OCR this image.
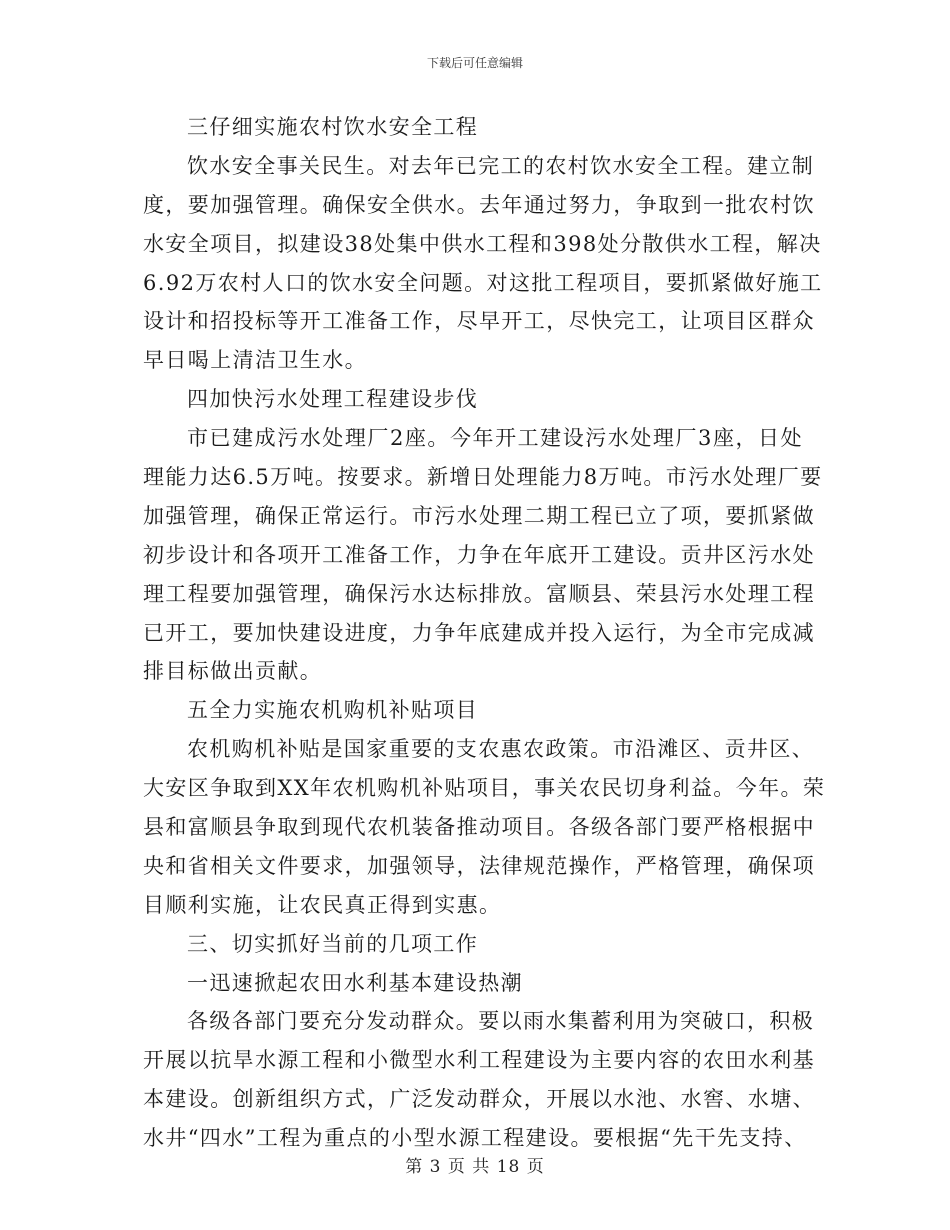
下载后可任意编辑
三仔细实施农村饮水安全工程
饮水安全事关民生。对去年已完工的农村饮水安全工程。建立制
度，要加强管理。确保安全供水。去年通过努力，争取到一批农村饮
水安全项目，拟建设38处集中供水工程和398处分散供水工程，解决
6.92万农村人口的饮水安全问题。对这批工程项目，要抓紧做好施工
设计和招投标等开工准备工作，尽早开工，尽快完工，让项目区群众
早日喝上清洁卫生水。
四加快污水处理工程建设步伐
市已建成污水处理厂2座。今年开工建设污水处理厂3座，日处
理能力达6.5万吨。按要求。新增日处理能力8万吨。市污水处理厂要
加强管理，确保正常运行。市污水处理二期工程已立了项，要抓紧做
初步设计和各项开工准备工作，力争在年底开工建设。贡井区污水处
理工程要加强管理，确保污水达标排放。富顺县、荣县污水处理工程
已开工，要加快建设进度，力争年底建成并投入运行，为全市完成减
排目标做出贡献。
五全力实施农机购机补贴项目
农机购机补贴是国家重要的支农惠农政策。市沿滩区、贡井区、
大安区争取到XX年农机购机补贴项目，事关农民切身利益。今年。荣
县和富顺县争取到现代农机装备推动项目。各级各部门要严格根据中
央和省相关文件要求，加强领导，法律规范操作，严格管理，确保项
目顺利实施，让农民真正得到实惠。
三、切实抓好当前的几项工作
一迅速掀起农田水利基本建设热潮
各级各部门要充分发动群众。要以雨水集蓄利用为突破口，积极
开展以抗旱水源工程和小微型水利工程建设为主要内容的农田水利基
本建设。创新组织方式，广泛发动群众，开展以水池、水窖、水塘、
水井“四水”工程为重点的小型水源工程建设。要根据“先干先支持、
第 3 页 共 18 页
